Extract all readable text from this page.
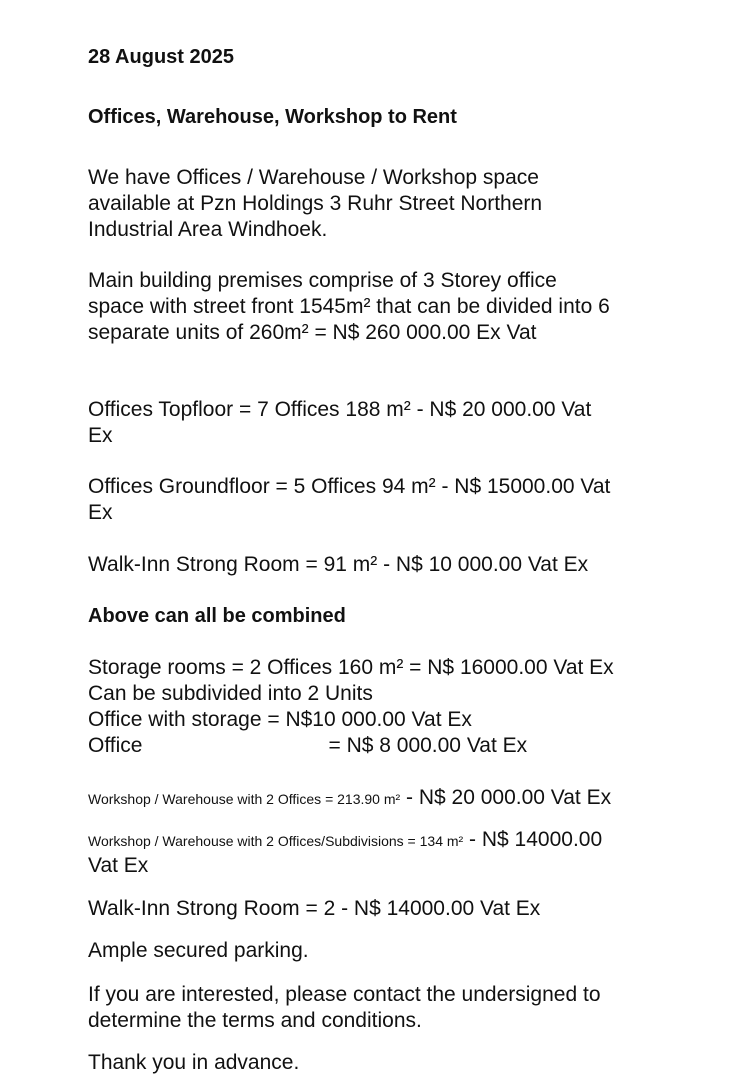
28 August 2025
Offices, Warehouse, Workshop to Rent
We have Offices / Warehouse / Workshop space
available at Pzn Holdings 3 Ruhr Street Northern
Industrial Area Windhoek.
Main building premises comprise of 3 Storey office
space with street front 1545m² that can be divided into 6
separate units of 260m² = N$ 260 000.00 Ex Vat
Offices Topfloor = 7 Offices 188 m² - N$ 20 000.00 Vat
Ex
Offices Groundfloor = 5 Offices 94 m² - N$ 15000.00 Vat
Ex
Walk-Inn Strong Room = 91 m² - N$ 10 000.00 Vat Ex
Above can all be combined
Storage rooms = 2 Offices 160 m² = N$ 16000.00 Vat Ex
Can be subdivided into 2 Units
Office with storage = N$10 000.00 Vat Ex
Office	= N$ 8 000.00 Vat Ex
Workshop / Warehouse with 2 Offices = 213.90 m² - N$ 20 000.00 Vat Ex
Workshop / Warehouse with 2 Offices/Subdivisions = 134 m² - N$ 14000.00
Vat Ex
Walk-Inn Strong Room = 2 - N$ 14000.00 Vat Ex
Ample secured parking.
If you are interested, please contact the undersigned to
determine the terms and conditions.
Thank you in advance.
